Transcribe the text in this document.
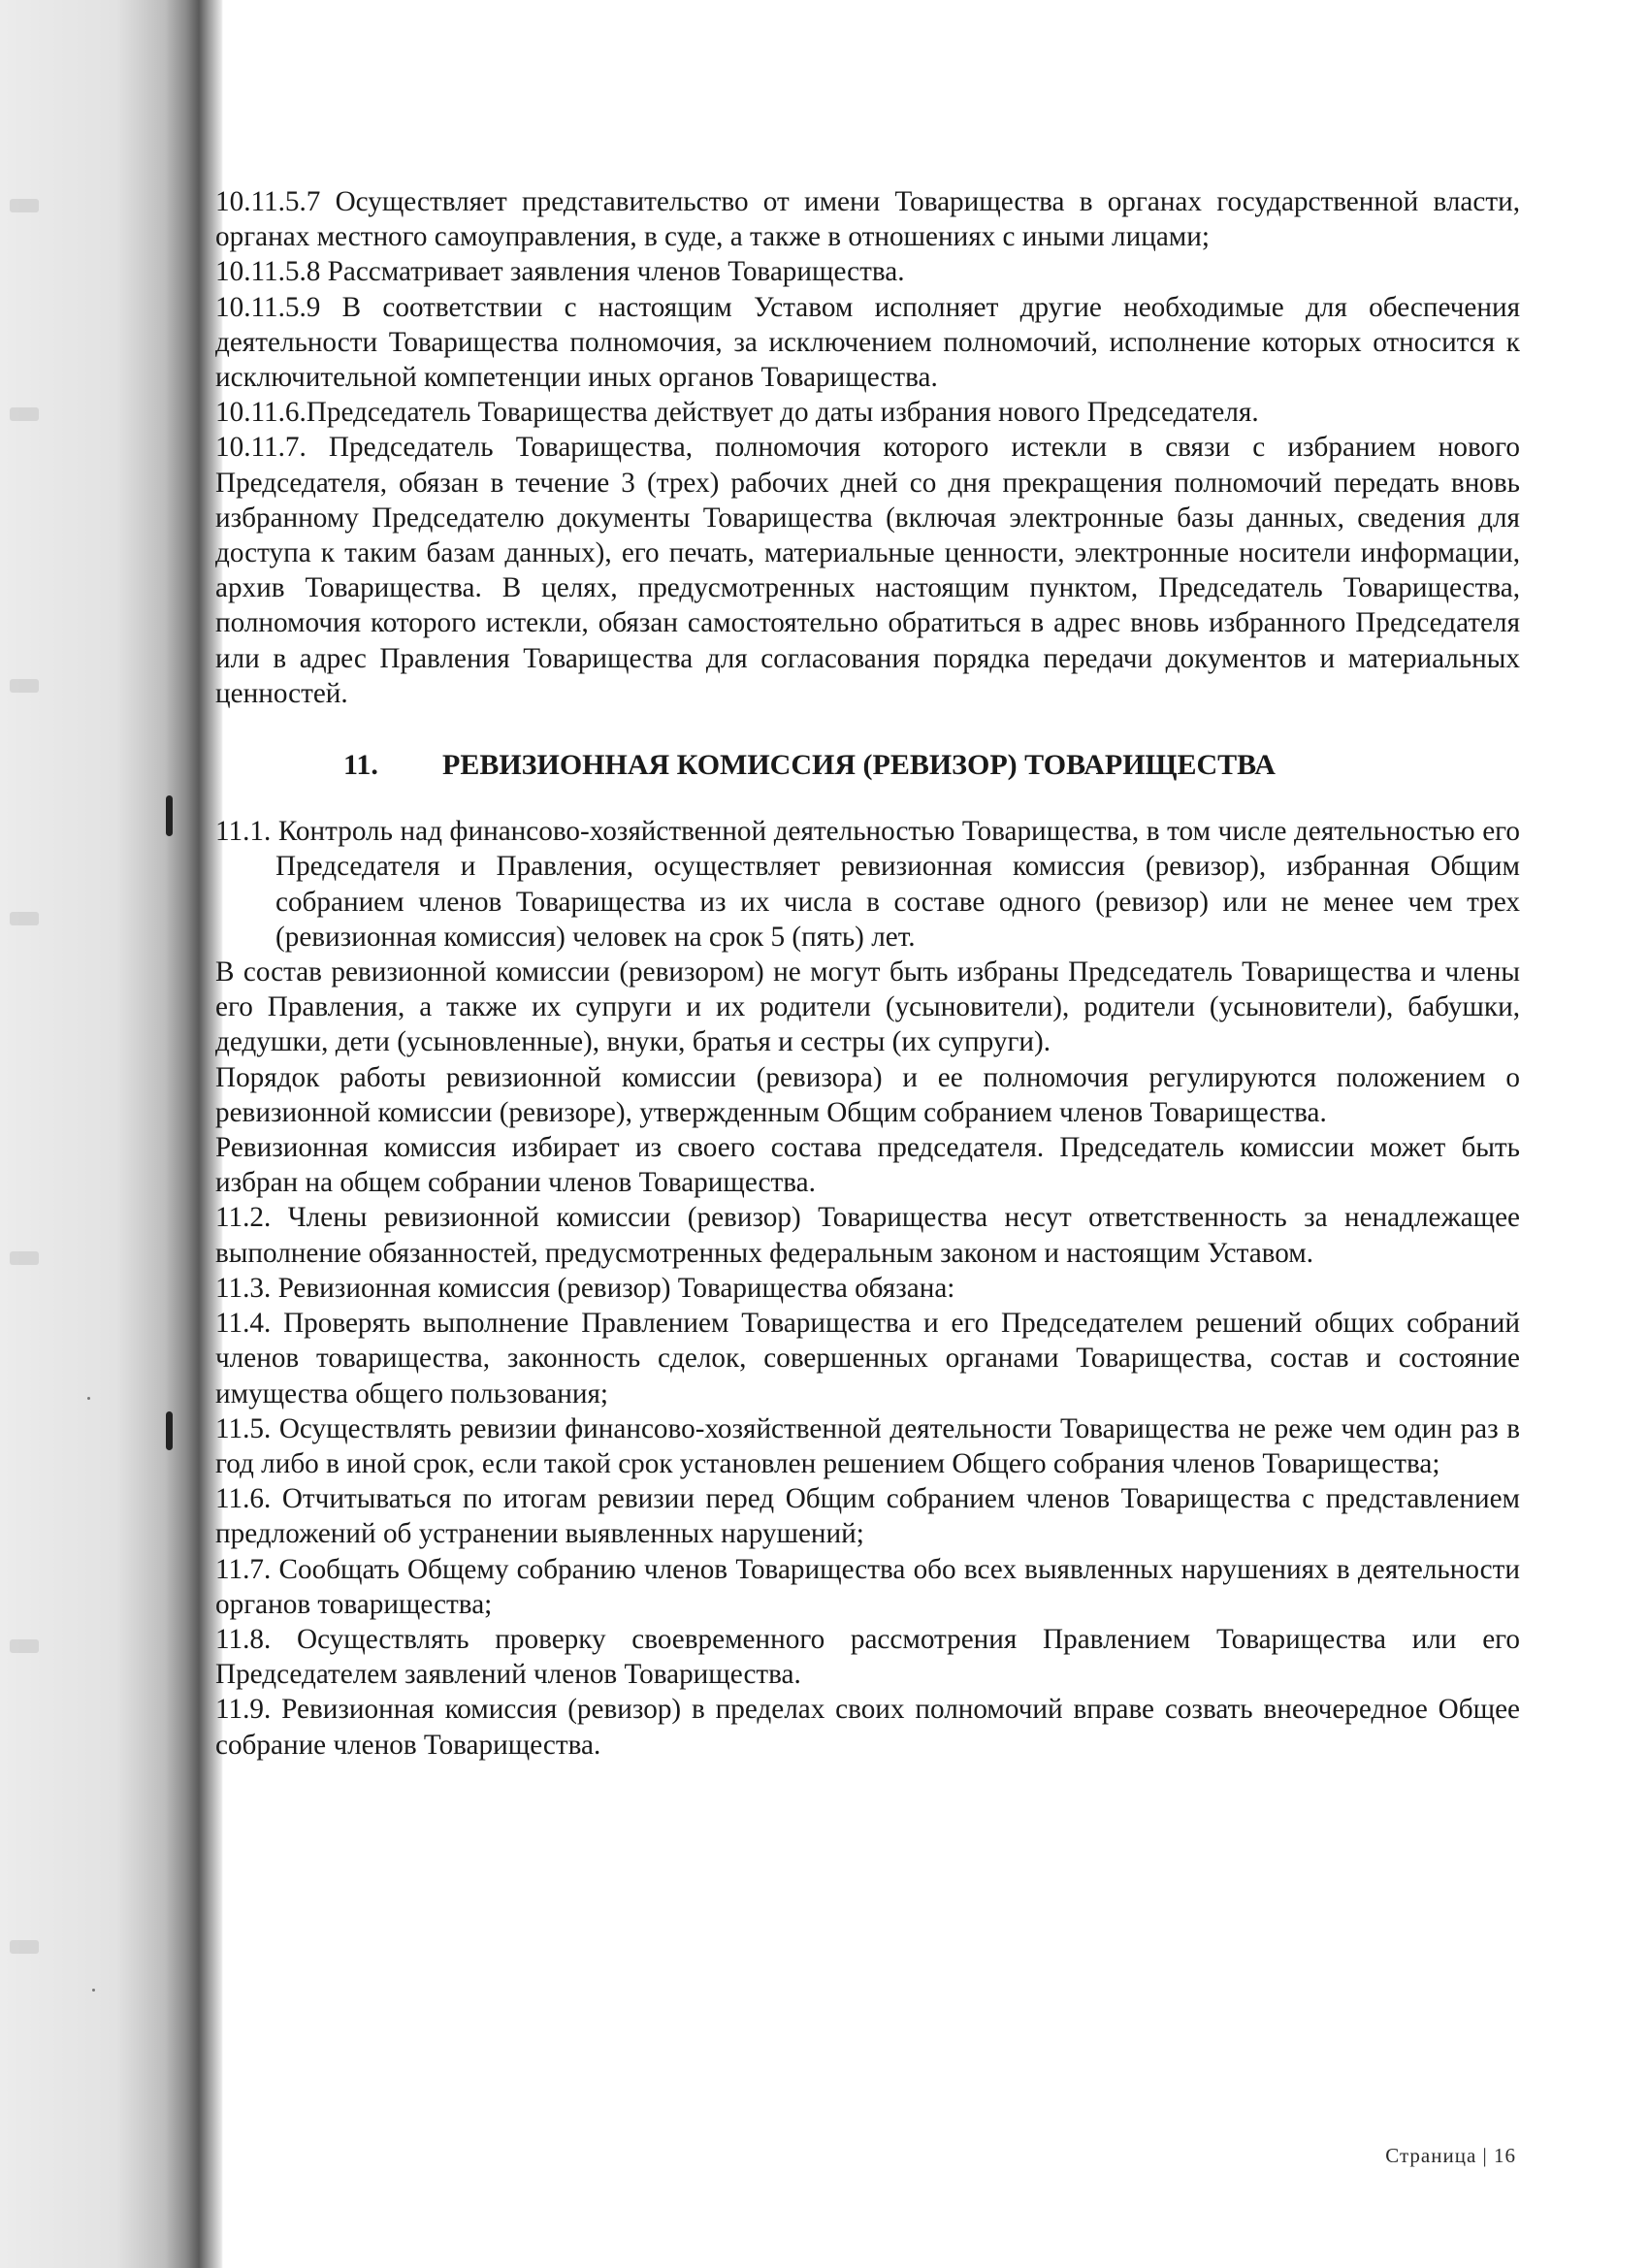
10.11.5.7 Осуществляет представительство от имени Товарищества в органах государственной власти, органах местного самоуправления, в суде, а также в отношениях с иными лицами;

10.11.5.8 Рассматривает заявления членов Товарищества.

10.11.5.9 В соответствии с настоящим Уставом исполняет другие необходимые для обеспечения деятельности Товарищества полномочия, за исключением полномочий, исполнение которых относится к исключительной компетенции иных органов Товарищества.

10.11.6.Председатель Товарищества действует до даты избрания нового Председателя.

10.11.7. Председатель Товарищества, полномочия которого истекли в связи с избранием нового Председателя, обязан в течение 3 (трех) рабочих дней со дня прекращения полномочий передать вновь избранному Председателю документы Товарищества (включая электронные базы данных, сведения для доступа к таким базам данных), его печать, материальные ценности, электронные носители информации, архив Товарищества. В целях, предусмотренных настоящим пунктом, Председатель Товарищества, полномочия которого истекли, обязан самостоятельно обратиться в адрес вновь избранного Председателя или в адрес Правления Товарищества для согласования порядка передачи документов и материальных ценностей.

11.	РЕВИЗИОННАЯ КОМИССИЯ (РЕВИЗОР) ТОВАРИЩЕСТВА

11.1. Контроль над финансово-хозяйственной деятельностью Товарищества, в том числе деятельностью его Председателя и Правления, осуществляет ревизионная комиссия (ревизор), избранная Общим собранием членов Товарищества из их числа в составе одного (ревизор) или не менее чем трех (ревизионная комиссия) человек на срок 5 (пять) лет.

В состав ревизионной комиссии (ревизором) не могут быть избраны Председатель Товарищества и члены его Правления, а также их супруги и их родители (усыновители), родители (усыновители), бабушки, дедушки, дети (усыновленные), внуки, братья и сестры (их супруги).

Порядок работы ревизионной комиссии (ревизора) и ее полномочия регулируются положением о ревизионной комиссии (ревизоре), утвержденным Общим собранием членов Товарищества.

Ревизионная комиссия избирает из своего состава председателя. Председатель комиссии может быть избран на общем собрании членов Товарищества.

11.2. Члены ревизионной комиссии (ревизор) Товарищества несут ответственность за ненадлежащее выполнение обязанностей, предусмотренных федеральным законом и настоящим Уставом.

11.3. Ревизионная комиссия (ревизор) Товарищества обязана:

11.4. Проверять выполнение Правлением Товарищества и его Председателем решений общих собраний членов товарищества, законность сделок, совершенных органами Товарищества, состав и состояние имущества общего пользования;

11.5. Осуществлять ревизии финансово-хозяйственной деятельности Товарищества не реже чем один раз в год либо в иной срок, если такой срок установлен решением Общего собрания членов Товарищества;

11.6. Отчитываться по итогам ревизии перед Общим собранием членов Товарищества с представлением предложений об устранении выявленных нарушений;

11.7. Сообщать Общему собранию членов Товарищества обо всех выявленных нарушениях в деятельности органов товарищества;

11.8. Осуществлять проверку своевременного рассмотрения Правлением Товарищества или его Председателем заявлений членов Товарищества.

11.9. Ревизионная комиссия (ревизор) в пределах своих полномочий вправе созвать внеочередное Общее собрание членов Товарищества.

Страница | 16
